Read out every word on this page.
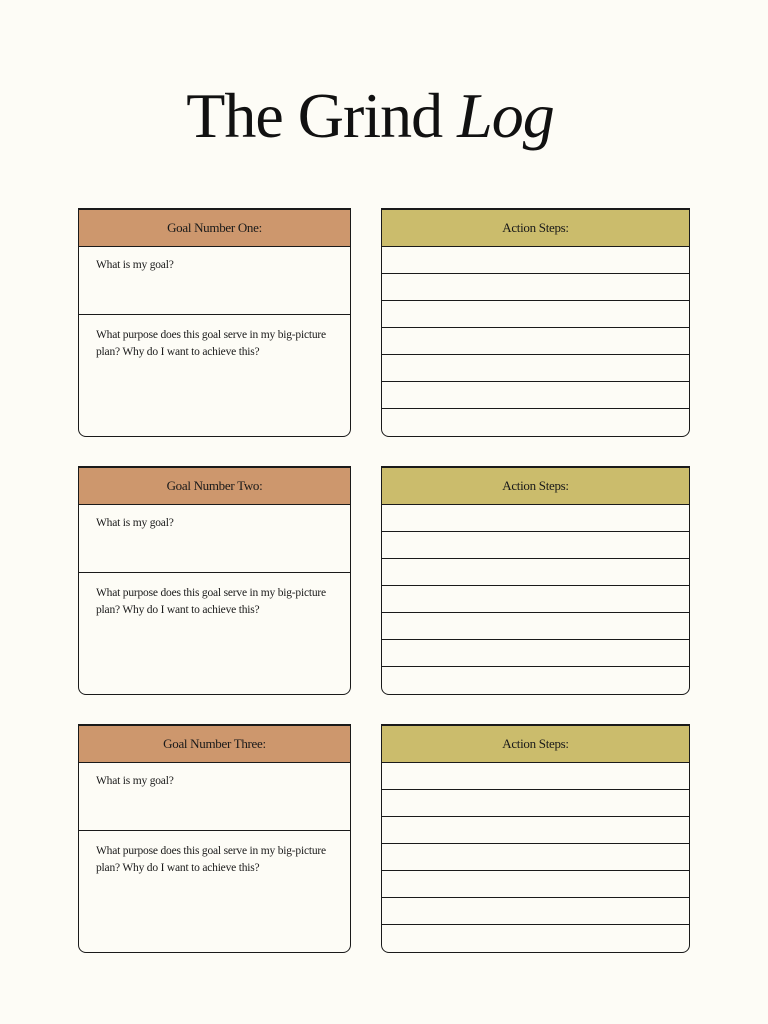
The Grind Log
Goal Number One:
What is my goal?
What purpose does this goal serve in my big-picture plan? Why do I want to achieve this?
Action Steps:
Goal Number Two:
What is my goal?
What purpose does this goal serve in my big-picture plan? Why do I want to achieve this?
Action Steps:
Goal Number Three:
What is my goal?
What purpose does this goal serve in my big-picture plan? Why do I want to achieve this?
Action Steps:
